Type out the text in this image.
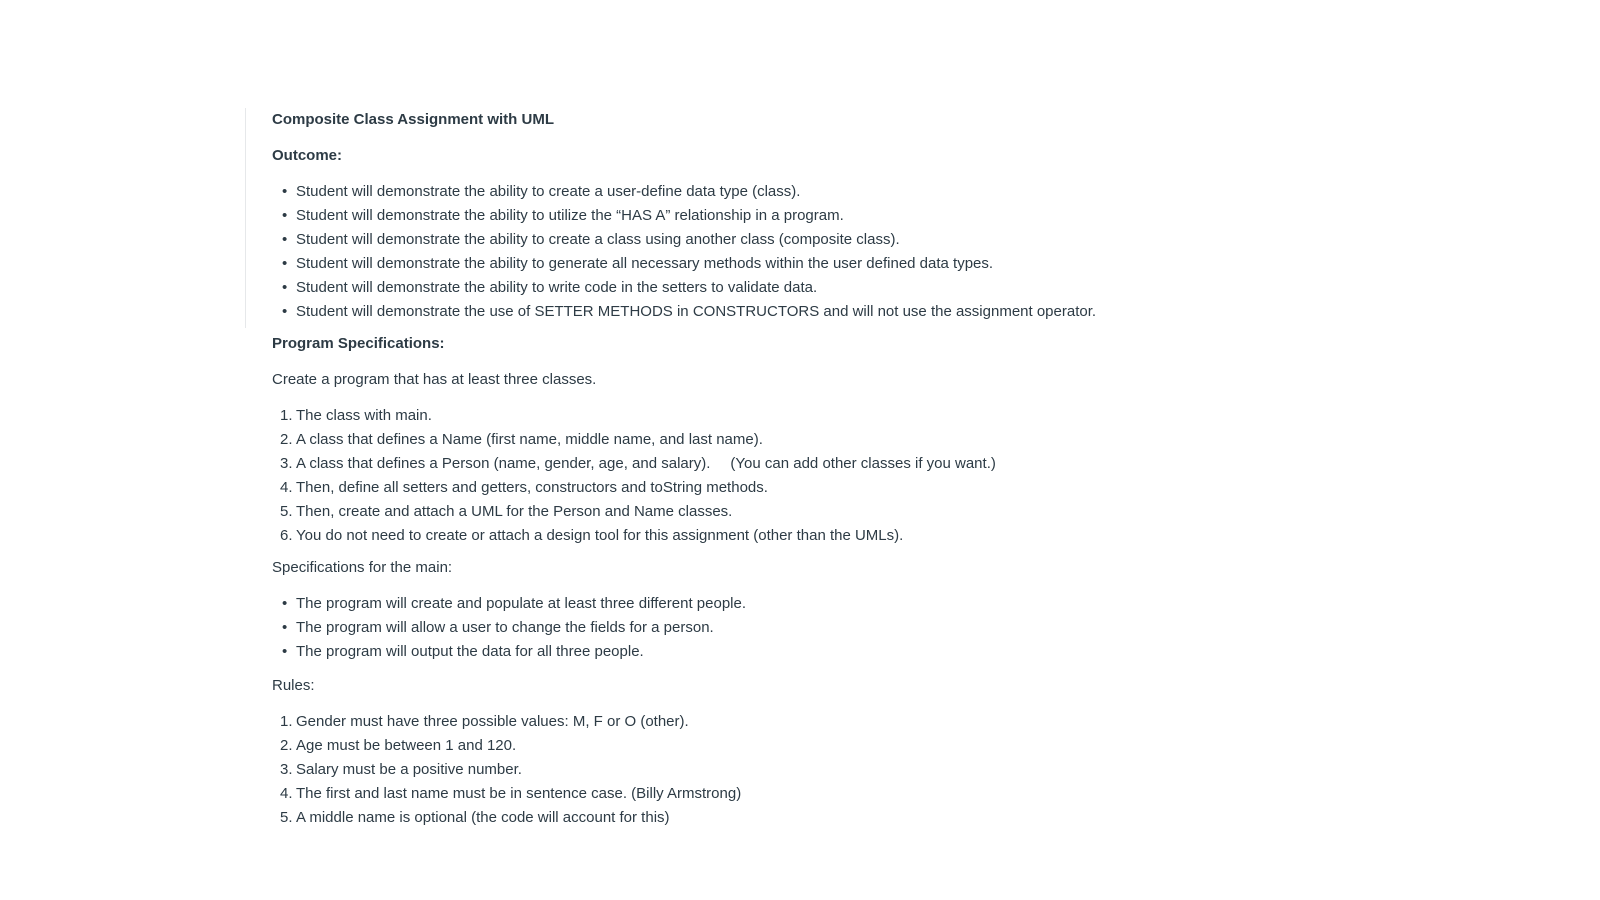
Composite Class Assignment with UML
Outcome:
• Student will demonstrate the ability to create a user-define data type (class).
• Student will demonstrate the ability to utilize the “HAS A” relationship in a program.
• Student will demonstrate the ability to create a class using another class (composite class).
• Student will demonstrate the ability to generate all necessary methods within the user defined data types.
• Student will demonstrate the ability to write code in the setters to validate data.
• Student will demonstrate the use of SETTER METHODS in CONSTRUCTORS and will not use the assignment operator.
Program Specifications:
Create a program that has at least three classes.
1. The class with main.
2. A class that defines a Name (first name, middle name, and last name).
3. A class that defines a Person (name, gender, age, and salary). (You can add other classes if you want.)
4. Then, define all setters and getters, constructors and toString methods.
5. Then, create and attach a UML for the Person and Name classes.
6. You do not need to create or attach a design tool for this assignment (other than the UMLs).
Specifications for the main:
• The program will create and populate at least three different people.
• The program will allow a user to change the fields for a person.
• The program will output the data for all three people.
Rules:
1. Gender must have three possible values: M, F or O (other).
2. Age must be between 1 and 120.
3. Salary must be a positive number.
4. The first and last name must be in sentence case. (Billy Armstrong)
5. A middle name is optional (the code will account for this)
